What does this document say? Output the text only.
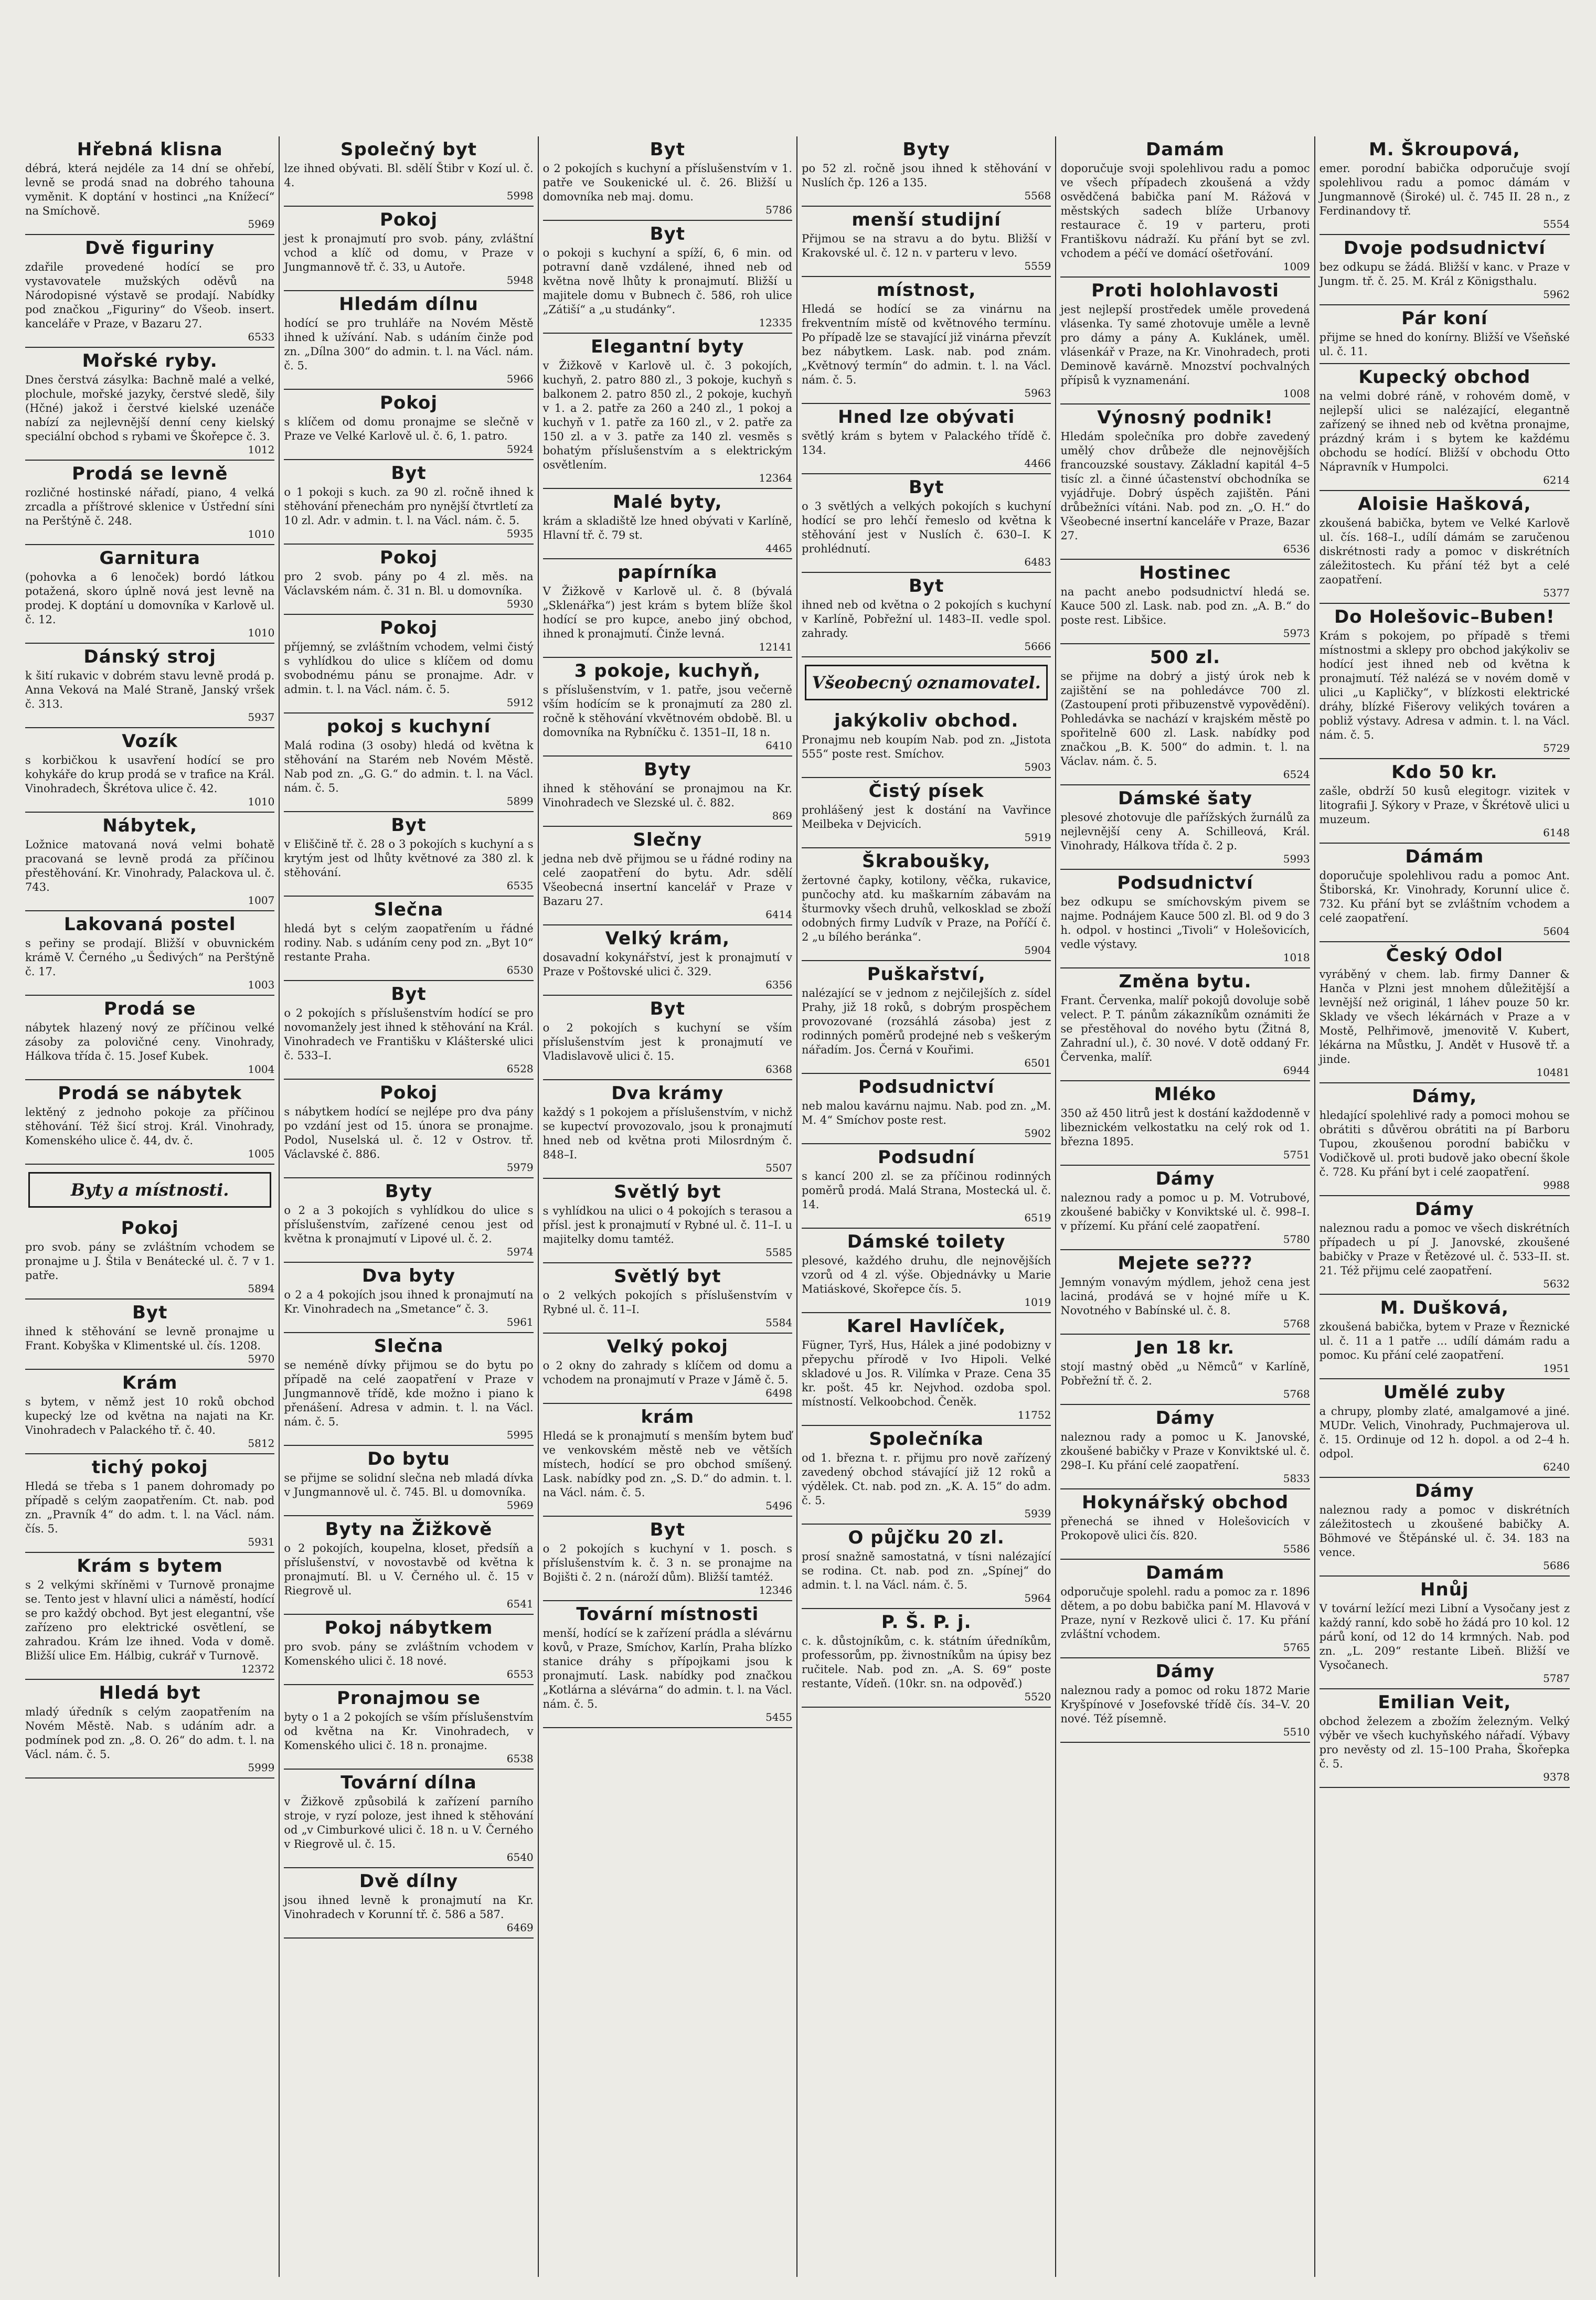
Hřebná klisna

débrá, která nejdéle za 14 dní se ohřebí, levně se prodá snad na dobrého tahouna vyměnit. K doptání v hostinci „na Knížecí“ na Smíchově.

5969
Dvě figuriny

zdařile provedené hodící se pro vystavovatele mužských oděvů na Národopisné výstavě se prodají. Nabídky pod značkou „Figuriny“ do Všeob. insert. kanceláře v Praze, v Bazaru 27.

6533
Mořské ryby.

Dnes čerstvá zásylka: Bachně malé a velké, plochule, mořské jazyky, čerstvé sledě, šily (Hčné) jakož i čerstvé kielské uzenáče nabízí za nejlevnější denní ceny kielský speciální obchod s rybami ve Škořepce č. 3.

1012
Prodá se levně

rozličné hostinské nářadí, piano, 4 velká zrcadla a příštrové sklenice v Ústřední síni na Perštýně č. 248.

1010
Garnitura

(pohovka a 6 lenoček) bordó látkou potažená, skoro úplně nová jest levně na prodej. K doptání u domovníka v Karlově ul. č. 12.

1010
Dánský stroj

k šití rukavic v dobrém stavu levně prodá p. Anna Veková na Malé Straně, Janský vršek č. 313.

5937
Vozík

s korbičkou k usavření hodící se pro kohykáře do krup prodá se v trafice na Král. Vinohradech, Škrétova ulice č. 42.

1010
Nábytek,

Ložnice matovaná nová velmi bohatě pracovaná se levně prodá za příčinou přestěhování. Kr. Vinohrady, Palackova ul. č. 743.

1007
Lakovaná postel

s peřiny se prodají. Bližší v obuvnickém krámě V. Černého „u Šedivých“ na Perštýně č. 17.

1003
Prodá se

nábytek hlazený nový ze příčinou velké zásoby za polovičné ceny. Vinohrady, Hálkova třída č. 15. Josef Kubek.

1004
Prodá se nábytek

lektěný z jednoho pokoje za příčinou stěhování. Též šicí stroj. Král. Vinohrady, Komenského ulice č. 44, dv. č.

1005
Byty a místnosti.
Pokoj

pro svob. pány se zvláštním vchodem se pronajme u J. Štila v Benátecké ul. č. 7 v 1. patře.

5894
Byt

ihned k stěhování se levně pronajme u Frant. Kobyška v Klimentské ul. čís. 1208.

5970
Krám

s bytem, v němž jest 10 roků obchod kupecký lze od května na najati na Kr. Vinohradech v Palackého tř. č. 40.

5812
tichý pokoj

Hledá se třeba s 1 panem dohromady po případě s celým zaopatřením. Ct. nab. pod zn. „Pravník 4“ do adm. t. l. na Václ. nám. čís. 5.

5931
Krám s bytem

s 2 velkými skříněmi v Turnově pronajme se. Tento jest v hlavní ulici a náměstí, hodící se pro každý obchod. Byt jest elegantní, vše zařízeno pro elektrické osvětlení, se zahradou. Krám lze ihned. Voda v domě. Bližší ulice Em. Hálbig, cukrář v Turnově.

12372
Hledá byt

mladý úředník s celým zaopatřením na Novém Městě. Nab. s udáním adr. a podmínek pod zn. „8. O. 26“ do adm. t. l. na Václ. nám. č. 5.

5999
Společný byt

lze ihned obývati. Bl. sdělí Štibr v Kozí ul. č. 4.

5998
Pokoj

jest k pronajmutí pro svob. pány, zvláštní vchod a klíč od domu, v Praze v Jungmannově tř. č. 33, u Autoře.

5948
Hledám dílnu

hodící se pro truhláře na Novém Městě ihned k užívání. Nab. s udáním činže pod zn. „Dílna 300“ do admin. t. l. na Václ. nám. č. 5.

5966
Pokoj

s klíčem od domu pronajme se slečně v Praze ve Velké Karlově ul. č. 6, 1. patro.

5924
Byt

o 1 pokoji s kuch. za 90 zl. ročně ihned k stěhování přenechám pro nynější čtvrtletí za 10 zl. Adr. v admin. t. l. na Václ. nám. č. 5.

5935
Pokoj

pro 2 svob. pány po 4 zl. měs. na Václavském nám. č. 31 n. Bl. u domovníka.

5930
Pokoj

příjemný, se zvláštním vchodem, velmi čistý s vyhlídkou do ulice s klíčem od domu svobodnému pánu se pronajme. Adr. v admin. t. l. na Václ. nám. č. 5.

5912
pokoj s kuchyní

Malá rodina (3 osoby) hledá od května k stěhování na Starém neb Novém Městě. Nab pod zn. „G. G.“ do admin. t. l. na Václ. nám. č. 5.

5899
Byt

v Eliščině tř. č. 28 o 3 pokojích s kuchyní a s krytým jest od lhůty květnové za 380 zl. k stěhování.

6535
Slečna

hledá byt s celým zaopatřením u řádné rodiny. Nab. s udáním ceny pod zn. „Byt 10“ restante Praha.

6530
Byt

o 2 pokojích s příslušenstvím hodící se pro novomanžely jest ihned k stěhování na Král. Vinohradech ve Františku v Klášterské ulici č. 533–I.

6528
Pokoj

s nábytkem hodící se nejlépe pro dva pány po vzdání jest od 15. února se pronajme. Podol, Nuselská ul. č. 12 v Ostrov. tř. Václavské č. 886.

5979
Byty

o 2 a 3 pokojích s vyhlídkou do ulice s příslušenstvím, zařízené cenou jest od května k pronajmutí v Lipové ul. č. 2.

5974
Dva byty

o 2 a 4 pokojích jsou ihned k pronajmutí na Kr. Vinohradech na „Smetance“ č. 3.

5961
Slečna

se neméně dívky přijmou se do bytu po případě na celé zaopatření v Praze v Jungmannově třídě, kde možno i piano k přenášení. Adresa v admin. t. l. na Václ. nám. č. 5.

5995
Do bytu

se přijme se solidní slečna neb mladá dívka v Jungmannově ul. č. 745. Bl. u domovníka.

5969
Byty na Žižkově

o 2 pokojích, koupelna, kloset, předsíň a příslušenství, v novostavbě od května k pronajmutí. Bl. u V. Černého ul. č. 15 v Riegrově ul.

6541
Pokoj nábytkem

pro svob. pány se zvláštním vchodem v Komenského ulici č. 18 nové.

6553
Pronajmou se

byty o 1 a 2 pokojích se vším příslušenstvím od května na Kr. Vinohradech, v Komenského ulici č. 18 n. pronajme.

6538
Tovární dílna

v Žižkově způsobilá k zařízení parního stroje, v ryzí poloze, jest ihned k stěhování od „v Cimburkové ulici č. 18 n. u V. Černého v Riegrově ul. č. 15.

6540
Dvě dílny

jsou ihned levně k pronajmutí na Kr. Vinohradech v Korunní tř. č. 586 a 587.

6469
Byt

o 2 pokojích s kuchyní a příslušenstvím v 1. patře ve Soukenické ul. č. 26. Bližší u domovníka neb maj. domu.

5786
Byt

o pokoji s kuchyní a spíží, 6, 6 min. od potravní daně vzdálené, ihned neb od května nově lhůty k pronajmutí. Bližší u majitele domu v Bubnech č. 586, roh ulice „Zátiší“ a „u studánky“.

12335
Elegantní byty

v Žižkově v Karlově ul. č. 3 pokojích, kuchyň, 2. patro 880 zl., 3 pokoje, kuchyň s balkonem 2. patro 850 zl., 2 pokoje, kuchyň v 1. a 2. patře za 260 a 240 zl., 1 pokoj a kuchyň v 1. patře za 160 zl., v 2. patře za 150 zl. a v 3. patře za 140 zl. vesměs s bohatým příslušenstvím a s elektrickým osvětlením.

12364
Malé byty,

krám a skladiště lze hned obývati v Karlíně, Hlavní tř. č. 79 st.

4465
papírníka

V Žižkově v Karlově ul. č. 8 (bývalá „Sklenářka“) jest krám s bytem blíže škol hodící se pro kupce, anebo jiný obchod, ihned k pronajmutí. Činže levná.

12141
3 pokoje, kuchyň,

s příslušenstvím, v 1. patře, jsou večerně vším hodícím se k pronajmutí za 280 zl. ročně k stěhování vkvětnovém obdobě. Bl. u domovníka na Rybníčku č. 1351–II, 18 n.

6410
Byty

ihned k stěhování se pronajmou na Kr. Vinohradech ve Slezské ul. č. 882.

869
Slečny

jedna neb dvě přijmou se u řádné rodiny na celé zaopatření do bytu. Adr. sdělí Všeobecná insertní kancelář v Praze v Bazaru 27.

6414
Velký krám,

dosavadní kokynářství, jest k pronajmutí v Praze v Poštovské ulici č. 329.

6356
Byt

o 2 pokojích s kuchyní se vším příslušenstvím jest k pronajmutí ve Vladislavově ulici č. 15.

6368
Dva krámy

každý s 1 pokojem a příslušenstvím, v nichž se kupectví provozovalo, jsou k pronajmutí hned neb od května proti Milosrdným č. 848–I.

5507
Světlý byt

s vyhlídkou na ulici o 4 pokojích s terasou a přísl. jest k pronajmutí v Rybné ul. č. 11–I. u majitelky domu tamtéž.

5585
Světlý byt

o 2 velkých pokojích s příslušenstvím v Rybné ul. č. 11–I.

5584
Velký pokoj

o 2 okny do zahrady s klíčem od domu a vchodem na pronajmutí v Praze v Jámě č. 5.

6498
krám

Hledá se k pronajmutí s menším bytem buď ve venkovském městě neb ve větších místech, hodící se pro obchod smíšený. Lask. nabídky pod zn. „S. D.“ do admin. t. l. na Václ. nám. č. 5.

5496
Byt

o 2 pokojích s kuchyní v 1. posch. s příslušenstvím k. č. 3 n. se pronajme na Bojišti č. 2 n. (nároží dům). Bližší tamtéž.

12346
Tovární místnosti

menší, hodící se k zařízení prádla a slévárnu kovů, v Praze, Smíchov, Karlín, Praha blízko stanice dráhy s přípojkami jsou k pronajmutí. Lask. nabídky pod značkou „Kotlárna a slévárna“ do admin. t. l. na Václ. nám. č. 5.

5455
Byty

po 52 zl. ročně jsou ihned k stěhování v Nuslích čp. 126 a 135.

5568
menší studijní

Přijmou se na stravu a do bytu. Bližší v Krakovské ul. č. 12 n. v parteru v levo.

5559
místnost,

Hledá se hodící se za vinárnu na frekventním místě od květnového termínu. Po případě lze se stavající již vinárna převzít bez nábytkem. Lask. nab. pod znám. „Květnový termín“ do admin. t. l. na Václ. nám. č. 5.

5963
Hned lze obývati

světlý krám s bytem v Palackého třídě č. 134.

4466
Byt

o 3 světlých a velkých pokojích s kuchyní hodící se pro lehčí řemeslo od května k stěhování jest v Nuslích č. 630–I. K prohlédnutí.

6483
Byt

ihned neb od května o 2 pokojích s kuchyní v Karlíně, Pobřežní ul. 1483–II. vedle spol. zahrady.

5666
Všeobecný oznamovatel.
jakýkoliv obchod.

Pronajmu neb koupím Nab. pod zn. „Jistota 555“ poste rest. Smíchov.

5903
Čistý písek

prohlášený jest k dostání na Vavřince Meilbeka v Dejvicích.

5919
Škraboušky,

žertovné čapky, kotilony, věčka, rukavice, punčochy atd. ku maškarním zábavám na šturmovky všech druhů, velkosklad se zboží odobných firmy Ludvík v Praze, na Poříčí č. 2 „u bílého beránka“.

5904
Puškařství,

nalézající se v jednom z nejčilejších z. sídel Prahy, již 18 roků, s dobrým prospěchem provozované (rozsáhlá zásoba) jest z rodinných poměrů prodejné neb s veškerým nářadím. Jos. Černá v Kouřimi.

6501
Podsudnictví

neb malou kavárnu najmu. Nab. pod zn. „M. M. 4“ Smíchov poste rest.

5902
Podsudní

s kancí 200 zl. se za příčinou rodinných poměrů prodá. Malá Strana, Mostecká ul. č. 14.

6519
Dámské toilety

plesové, každého druhu, dle nejnovějších vzorů od 4 zl. výše. Objednávky u Marie Matiáskové, Skořepce čís. 5.

1019
Karel Havlíček,

Fügner, Tyrš, Hus, Hálek a jiné podobizny v přepychu přírodě v Ivo Hipoli. Velké skladové u Jos. R. Vilímka v Praze. Cena 35 kr. pošt. 45 kr. Nejvhod. ozdoba spol. místností. Velkoobchod. Čeněk.

11752
Společníka

od 1. března t. r. přijmu pro nově zařízený zavedený obchod stávající již 12 roků a výdělek. Ct. nab. pod zn. „K. A. 15“ do adm. č. 5.

5939
O půjčku 20 zl.

prosí snažně samostatná, v tísni nalézající se rodina. Ct. nab. pod zn. „Spínej“ do admin. t. l. na Václ. nám. č. 5.

5964
P. Š. P. j.

c. k. důstojníkům, c. k. státním úředníkům, professorům, pp. živnostníkům na úpisy bez ručitele. Nab. pod zn. „A. S. 69“ poste restante, Vídeň. (10kr. sn. na odpověď.)

5520
Damám

doporučuje svoji spolehlivou radu a pomoc ve všech případech zkoušená a vždy osvědčená babička paní M. Rážová v městských sadech blíže Urbanovy restaurace č. 19 v parteru, proti Františkovu nádraží. Ku přání byt se zvl. vchodem a péčí ve domácí ošetřování.

1009
Proti holohlavosti

jest nejlepší prostředek uměle provedená vlásenka. Ty samé zhotovuje uměle a levně pro dámy a pány A. Kuklánek, uměl. vlásenkář v Praze, na Kr. Vinohradech, proti Deminově kavárně. Mnozství pochvalných přípisů k vyznamenání.

1008
Výnosný podnik!

Hledám společníka pro dobře zavedený umělý chov drůbeže dle nejnovějších francouzské soustavy. Základní kapitál 4–5 tisíc zl. a činné účastenství obchodníka se vyjádřuje. Dobrý úspěch zajištěn. Páni drůbežníci vítáni. Nab. pod zn. „O. H.“ do Všeobecné insertní kanceláře v Praze, Bazar 27.

6536
Hostinec

na pacht anebo podsudnictví hledá se. Kauce 500 zl. Lask. nab. pod zn. „A. B.“ do poste rest. Libšice.

5973
500 zl.

se přijme na dobrý a jistý úrok neb k zajištění se na pohledávce 700 zl. (Zastoupení proti přibuzenstvě vypovědění). Pohledávka se nachází v krajském městě po spořitelně 600 zl. Lask. nabídky pod značkou „B. K. 500“ do admin. t. l. na Václav. nám. č. 5.

6524
Dámské šaty

plesové zhotovuje dle pařížských žurnálů za nejlevnější ceny A. Schilleová, Král. Vinohrady, Hálkova třída č. 2 p.

5993
Podsudnictví

bez odkupu se smíchovským pivem se najme. Podnájem Kauce 500 zl. Bl. od 9 do 3 h. odpol. v hostinci „Tivoli“ v Holešovicích, vedle výstavy.

1018
Změna bytu.

Frant. Červenka, malíř pokojů dovoluje sobě velect. P. T. pánům zákazníkům oznámiti že se přestěhoval do nového bytu (Žitná 8, Zahradní ul.), č. 30 nové. V dotě oddaný Fr. Červenka, malíř.

6944
Mléko

350 až 450 litrů jest k dostání každodenně v libeznickém velkostatku na celý rok od 1. března 1895.

5751
Dámy

naleznou rady a pomoc u p. M. Votrubové, zkoušené babičky v Konviktské ul. č. 998–I. v přízemí. Ku přání celé zaopatření.

5780
Mejete se???

Jemným vonavým mýdlem, jehož cena jest laciná, prodává se v hojné míře u K. Novotného v Babínské ul. č. 8.

5768
Jen 18 kr.

stojí mastný oběd „u Němců“ v Karlíně, Pobřežní tř. č. 2.

5768
Dámy

naleznou rady a pomoc u K. Janovské, zkoušené babičky v Praze v Konviktské ul. č. 298–I. Ku přání celé zaopatření.

5833
Hokynářský obchod

přenechá se ihned v Holešovicích v Prokopově ulici čís. 820.

5586
Damám

odporučuje spolehl. radu a pomoc za r. 1896 dětem, a po dobu babička paní M. Hlavová v Praze, nyní v Rezkově ulici č. 17. Ku přání zvláštní vchodem.

5765
Dámy

naleznou rady a pomoc od roku 1872 Marie Kryšpínové v Josefovské třídě čís. 34–V. 20 nové. Též písemně.

5510
M. Škroupová,

emer. porodní babička odporučuje svojí spolehlivou radu a pomoc dámám v Jungmannově (Široké) ul. č. 745 II. 28 n., z Ferdinandovy tř.

5554
Dvoje podsudnictví

bez odkupu se žádá. Bližší v kanc. v Praze v Jungm. tř. č. 25. M. Král z Königsthalu.

5962
Pár koní

přijme se hned do konírny. Bližší ve Všeňské ul. č. 11.

Kupecký obchod

na velmi dobré ráně, v rohovém domě, v nejlepší ulici se nalézající, elegantně zařízený se ihned neb od května pronajme, prázdný krám i s bytem ke každému obchodu se hodící. Bližší v obchodu Otto Nápravník v Humpolci.

6214
Aloisie Hašková,

zkoušená babička, bytem ve Velké Karlově ul. čís. 168–I., udílí dámám se zaručenou diskrétnosti rady a pomoc v diskrétních záležitostech. Ku přání též byt a celé zaopatření.

5377
Do Holešovic–Buben!

Krám s pokojem, po případě s třemi místnostmi a sklepy pro obchod jakýkoliv se hodící jest ihned neb od května k pronajmutí. Též nalézá se v novém domě v ulici „u Kapličky“, v blízkosti elektrické dráhy, blízké Fišerovy velikých továren a pobliž výstavy. Adresa v admin. t. l. na Václ. nám. č. 5.

5729
Kdo 50 kr.

zašle, obdrží 50 kusů elegitogr. vizitek v litografii J. Sýkory v Praze, v Škrétově ulici u muzeum.

6148
Dámám

doporučuje spolehlivou radu a pomoc Ant. Štiborská, Kr. Vinohrady, Korunní ulice č. 732. Ku přání byt se zvláštním vchodem a celé zaopatření.

5604
Český Odol

vyráběný v chem. lab. firmy Danner & Hanča v Plzni jest mnohem důležitější a levnější než originál, 1 láhev pouze 50 kr. Sklady ve všech lékárnách v Praze a v Mostě, Pelhřimově, jmenovitě V. Kubert, lékárna na Můstku, J. Andět v Husově tř. a jinde.

10481
Dámy,

hledající spolehlivé rady a pomoci mohou se obrátiti s důvěrou obrátiti na pí Barboru Tupou, zkoušenou porodní babičku v Vodičkově ul. proti budově jako obecní škole č. 728. Ku přání byt i celé zaopatření.

9988
Dámy

naleznou radu a pomoc ve všech diskrétních případech u pí J. Janovské, zkoušené babičky v Praze v Řetězové ul. č. 533–II. st. 21. Též přijmu celé zaopatření.

5632
M. Dušková,

zkoušená babička, bytem v Praze v Řeznické ul. č. 11 a 1 patře ... udílí dámám radu a pomoc. Ku přání celé zaopatření.

1951
Umělé zuby

a chrupy, plomby zlaté, amalgamové a jiné. MUDr. Velich, Vinohrady, Puchmajerova ul. č. 15. Ordinuje od 12 h. dopol. a od 2–4 h. odpol.

6240
Dámy

naleznou rady a pomoc v diskrétních záležitostech u zkoušené babičky A. Böhmové ve Štěpánské ul. č. 34. 183 na vence.

5686
Hnůj

V tovární ležící mezi Libní a Vysočany jest z každý ranní, kdo sobě ho žádá pro 10 kol. 12 párů koní, od 12 do 14 krmných. Nab. pod zn. „L. 209“ restante Libeň. Bližší ve Vysočanech.

5787
Emilian Veit,

obchod železem a zbožím železným. Velký výběr ve všech kuchyňského nářadí. Výbavy pro nevěsty od zl. 15–100 Praha, Škořepka č. 5.

9378
